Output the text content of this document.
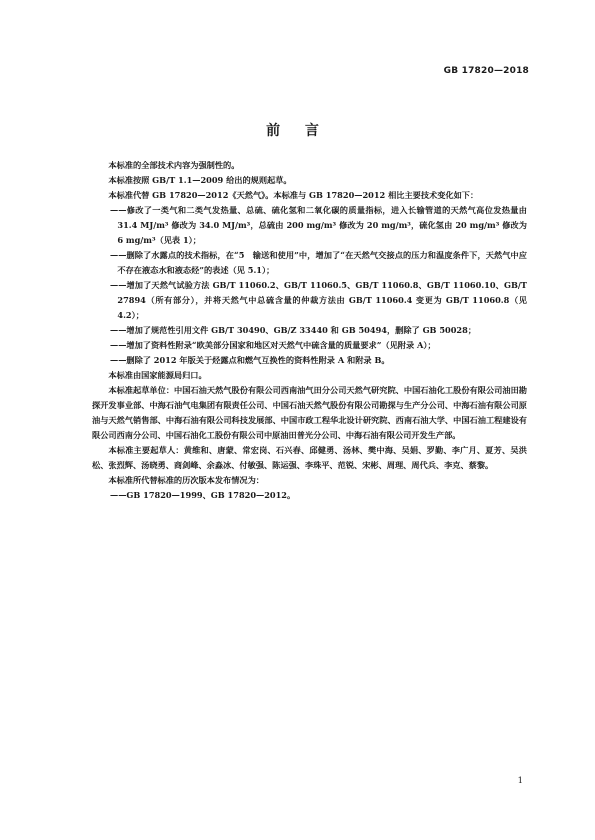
GB 17820—2018
前 言

本标准的全部技术内容为强制性的。

本标准按照 GB/T 1.1—2009 给出的规则起草。

本标准代替 GB 17820—2012《天然气》。本标准与 GB 17820—2012 相比主要技术变化如下：

——修改了一类气和二类气发热量、总硫、硫化氢和二氧化碳的质量指标，进入长输管道的天然气高位发热量由 31.4 MJ/m³ 修改为 34.0 MJ/m³，总硫由 200 mg/m³ 修改为 20 mg/m³，硫化氢由 20 mg/m³ 修改为 6 mg/m³（见表 1）；

——删除了水露点的技术指标，在“5　输送和使用”中，增加了“在天然气交接点的压力和温度条件下，天然气中应不存在液态水和液态烃”的表述（见 5.1）；

——增加了天然气试验方法 GB/T 11060.2、GB/T 11060.5、GB/T 11060.8、GB/T 11060.10、GB/T 27894（所有部分），并将天然气中总硫含量的仲裁方法由 GB/T 11060.4 变更为 GB/T 11060.8（见 4.2）；

——增加了规范性引用文件 GB/T 30490、GB/Z 33440 和 GB 50494，删除了 GB 50028；

——增加了资料性附录“欧美部分国家和地区对天然气中硫含量的质量要求”（见附录 A）；

——删除了 2012 年版关于烃露点和燃气互换性的资料性附录 A 和附录 B。

本标准由国家能源局归口。

本标准起草单位：中国石油天然气股份有限公司西南油气田分公司天然气研究院、中国石油化工股份有限公司油田勘探开发事业部、中海石油气电集团有限责任公司、中国石油天然气股份有限公司勘探与生产分公司、中海石油有限公司原油与天然气销售部、中海石油有限公司科技发展部、中国市政工程华北设计研究院、西南石油大学、中国石油工程建设有限公司西南分公司、中国石油化工股份有限公司中原油田普光分公司、中海石油有限公司开发生产部。

本标准主要起草人：黄维和、唐蒙、常宏岗、石兴春、邱健勇、汤林、樊中海、吴娟、罗勤、李广月、夏芳、吴洪松、张烈辉、汤晓勇、商剑峰、余淼冰、付敏强、陈运强、李珠平、范锐、宋彬、周理、周代兵、李克、蔡黎。

本标准所代替标准的历次版本发布情况为：

——GB 17820—1999、GB 17820—2012。

1
